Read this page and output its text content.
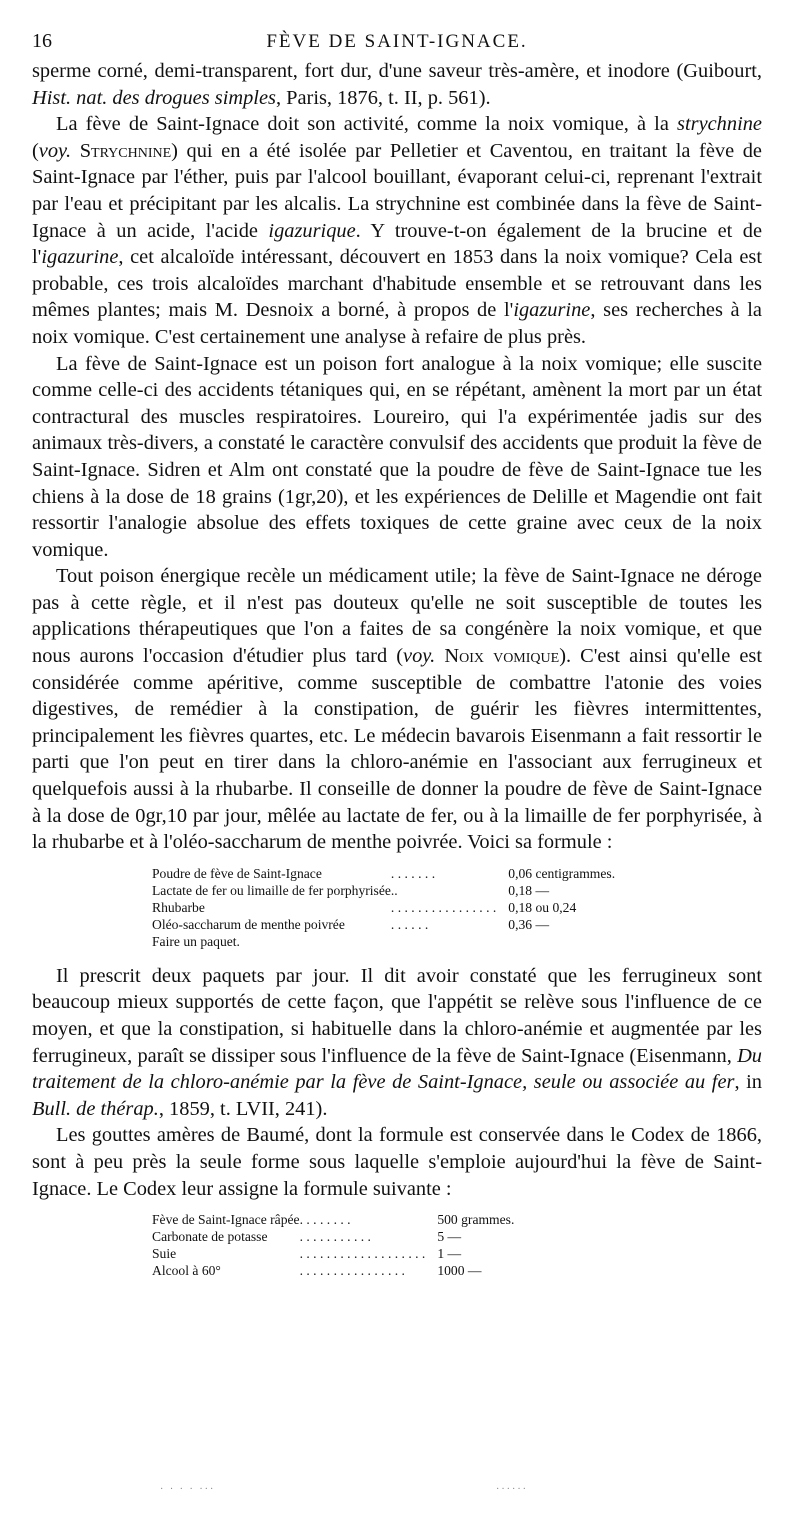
16	FÈVE DE SAINT-IGNACE.

sperme corné, demi-transparent, fort dur, d'une saveur très-amère, et inodore (Guibourt, Hist. nat. des drogues simples, Paris, 1876, t. II, p. 561).

La fève de Saint-Ignace doit son activité, comme la noix vomique, à la strychnine (voy. Strychnine) qui en a été isolée par Pelletier et Caventou, en traitant la fève de Saint-Ignace par l'éther, puis par l'alcool bouillant, évaporant celui-ci, reprenant l'extrait par l'eau et précipitant par les alcalis. La strychnine est combinée dans la fève de Saint-Ignace à un acide, l'acide igazurique. Y trouve-t-on également de la brucine et de l'igazurine, cet alcaloïde intéressant, découvert en 1853 dans la noix vomique? Cela est probable, ces trois alcaloïdes marchant d'habitude ensemble et se retrouvant dans les mêmes plantes; mais M. Desnoix a borné, à propos de l'igazurine, ses recherches à la noix vomique. C'est certainement une analyse à refaire de plus près.

La fève de Saint-Ignace est un poison fort analogue à la noix vomique; elle suscite comme celle-ci des accidents tétaniques qui, en se répétant, amènent la mort par un état contractural des muscles respiratoires. Loureiro, qui l'a expérimentée jadis sur des animaux très-divers, a constaté le caractère convulsif des accidents que produit la fève de Saint-Ignace. Sidren et Alm ont constaté que la poudre de fève de Saint-Ignace tue les chiens à la dose de 18 grains (1gr,20), et les expériences de Delille et Magendie ont fait ressortir l'analogie absolue des effets toxiques de cette graine avec ceux de la noix vomique.

Tout poison énergique recèle un médicament utile; la fève de Saint-Ignace ne déroge pas à cette règle, et il n'est pas douteux qu'elle ne soit susceptible de toutes les applications thérapeutiques que l'on a faites de sa congénère la noix vomique, et que nous aurons l'occasion d'étudier plus tard (voy. Noix vomique). C'est ainsi qu'elle est considérée comme apéritive, comme susceptible de combattre l'atonie des voies digestives, de remédier à la constipation, de guérir les fièvres intermittentes, principalement les fièvres quartes, etc. Le médecin bavarois Eisenmann a fait ressortir le parti que l'on peut en tirer dans la chloro-anémie en l'associant aux ferrugineux et quelquefois aussi à la rhubarbe. Il conseille de donner la poudre de fève de Saint-Ignace à la dose de 0gr,10 par jour, mêlée au lactate de fer, ou à la limaille de fer porphyrisée, à la rhubarbe et à l'oléo-saccharum de menthe poivrée. Voici sa formule :

Poudre de fève de Saint-Ignace	. . . . . . .	0,06 centigrammes.
Lactate de fer ou limaille de fer porphyrisée	..	0,18 —
Rhubarbe	. . . . . . . . . . . . . . . .	0,18 ou 0,24
Oléo-saccharum de menthe poivrée	. . . . . .	0,36 —
Faire un paquet.		

Il prescrit deux paquets par jour. Il dit avoir constaté que les ferrugineux sont beaucoup mieux supportés de cette façon, que l'appétit se relève sous l'influence de ce moyen, et que la constipation, si habituelle dans la chloro-anémie et augmentée par les ferrugineux, paraît se dissiper sous l'influence de la fève de Saint-Ignace (Eisenmann, Du traitement de la chloro-anémie par la fève de Saint-Ignace, seule ou associée au fer, in Bull. de thérap., 1859, t. LVII, 241).

Les gouttes amères de Baumé, dont la formule est conservée dans le Codex de 1866, sont à peu près la seule forme sous laquelle s'emploie aujourd'hui la fève de Saint-Ignace. Le Codex leur assigne la formule suivante :

Fève de Saint-Ignace râpée	. . . . . . . .	500 grammes.
Carbonate de potasse	. . . . . . . . . . .	5 —
Suie	. . . . . . . . . . . . . . . . . . .	1 —
Alcool à 60°	. . . . . . . . . . . . . . . .	1000 —
· · · · ···	······
